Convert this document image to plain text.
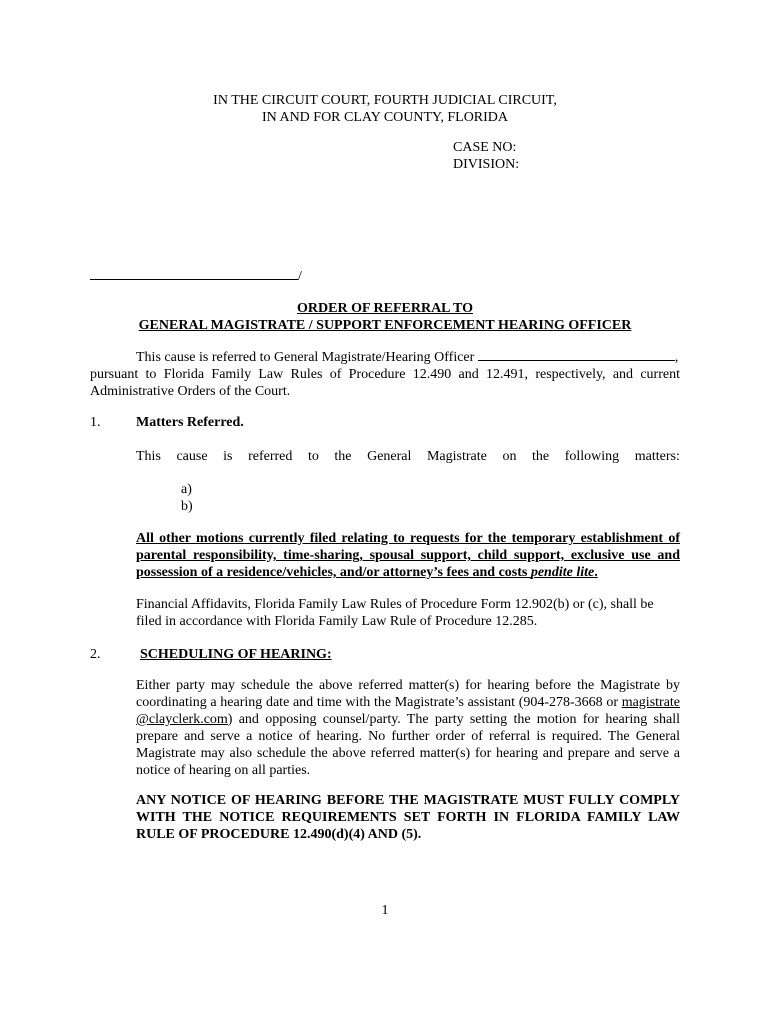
IN THE CIRCUIT COURT, FOURTH JUDICIAL CIRCUIT,
IN AND FOR CLAY COUNTY, FLORIDA
CASE NO:
DIVISION:
/
ORDER OF REFERRAL TO
GENERAL MAGISTRATE / SUPPORT ENFORCEMENT HEARING OFFICER
This cause is referred to General Magistrate/Hearing Officer	,

pursuant to Florida Family Law Rules of Procedure 12.490 and 12.491, respectively, and current Administrative Orders of the Court.

1.	Matters Referred.
This cause is referred to the General Magistrate on the following matters:
a)
b)

All other motions currently filed relating to requests for the temporary establishment of parental responsibility, time-sharing, spousal support, child support, exclusive use and possession of a residence/vehicles, and/or attorney’s fees and costs pendite lite.

Financial Affidavits, Florida Family Law Rules of Procedure Form 12.902(b) or (c), shall be filed in accordance with Florida Family Law Rule of Procedure 12.285.

2.	SCHEDULING OF HEARING:

Either party may schedule the above referred matter(s) for hearing before the Magistrate by coordinating a hearing date and time with the Magistrate’s assistant (904-278-3668 or magistrate @clayclerk.com) and opposing counsel/party. The party setting the motion for hearing shall prepare and serve a notice of hearing. No further order of referral is required. The General Magistrate may also schedule the above referred matter(s) for hearing and prepare and serve a notice of hearing on all parties.

ANY NOTICE OF HEARING BEFORE THE MAGISTRATE MUST FULLY COMPLY WITH THE NOTICE REQUIREMENTS SET FORTH IN FLORIDA FAMILY LAW RULE OF PROCEDURE 12.490(d)(4) AND (5).

1
